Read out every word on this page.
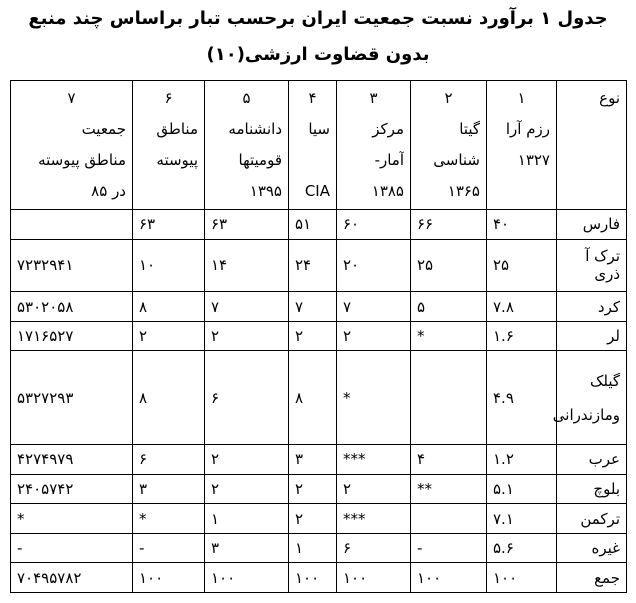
جدول ۱ برآورد نسبت جمعیت ایران برحسب تبار براساس چند منبع
بدون قضاوت ارزشی(۱۰)
نوع	۱
رزم آرا
۱۳۲۷	۲
گیتا
شناسی
۱۳۶۵	۳
مرکز
آمار-
۱۳۸۵	۴
سیا

CIA	۵
دانشنامه
قومیتها
۱۳۹۵	۶
مناطق
پیوسته	۷
جمعیت
مناطق پیوسته
در ۸۵

فارس	۴۰	۶۶	۶۰	۵۱	۶۳	۶۳	
ترک آ ذری	۲۵	۲۵	۲۰	۲۴	۱۴	۱۰	۷۲۳۲۹۴۱
کرد	۷.۸	۵	۷	۷	۷	۸	۵۳۰۲۰۵۸
لر	۱.۶	*	۲	۲	۲	۲	۱۷۱۶۵۲۷

گیلک
ومازندرانی	۴.۹		*	۸	۶	۸	۵۳۲۷۲۹۳
عرب	۱.۲	۴	***	۳	۲	۶	۴۲۷۴۹۷۹
بلوچ	۵.۱	**	۲	۲	۲	۳	۲۴۰۵۷۴۲
ترکمن	۷.۱		***	۲	۱	*	*
غیره	۵.۶	-	۶	۱	۳	-	-
جمع	۱۰۰	۱۰۰	۱۰۰	۱۰۰	۱۰۰	۱۰۰	۷۰۴۹۵۷۸۲
